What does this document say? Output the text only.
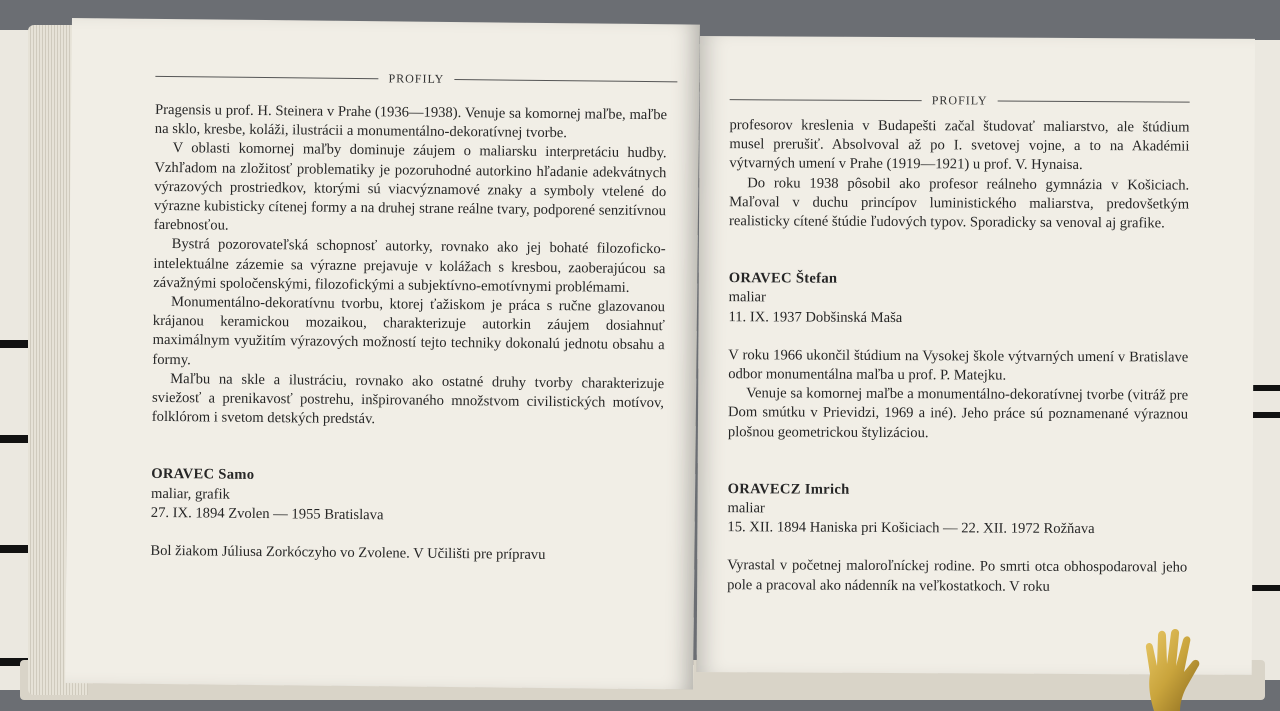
PROFILY

Pragensis u prof. H. Steinera v Prahe (1936—1938). Venuje sa komornej maľbe, maľbe na sklo, kresbe, koláži, ilustrácii a monumentálno-dekoratívnej tvorbe.

V oblasti komornej maľby dominuje záujem o maliarsku interpretáciu hudby. Vzhľadom na zložitosť problematiky je pozoruhodné autorkino hľadanie adekvátnych výrazových prostriedkov, ktorými sú viacvýznamové znaky a symboly vtelené do výrazne kubisticky cítenej formy a na druhej strane reálne tvary, podporené senzitívnou farebnosťou.

Bystrá pozorovateľská schopnosť autorky, rovnako ako jej bohaté filozoficko-intelektuálne zázemie sa výrazne prejavuje v kolážach s kresbou, zaoberajúcou sa závažnými spoločenskými, filozofickými a subjektívno-emotívnymi problémami.

Monumentálno-dekoratívnu tvorbu, ktorej ťažiskom je práca s ručne glazovanou krájanou keramickou mozaikou, charakterizuje autorkin záujem dosiahnuť maximálnym využitím výrazových možností tejto techniky dokonalú jednotu obsahu a formy.

Maľbu na skle a ilustráciu, rovnako ako ostatné druhy tvorby charakterizuje sviežosť a prenikavosť postrehu, inšpirovaného množstvom civilistických motívov, folklórom i svetom detských predstáv.

ORAVEC Samo
maliar, grafik
27. IX. 1894 Zvolen — 1955 Bratislava

Bol žiakom Júliusa Zorkóczyho vo Zvolene. V Učilišti pre prípravu

PROFILY

profesorov kreslenia v Budapešti začal študovať maliarstvo, ale štúdium musel prerušiť. Absolvoval až po I. svetovej vojne, a to na Akadémii výtvarných umení v Prahe (1919—1921) u prof. V. Hynaisa.

Do roku 1938 pôsobil ako profesor reálneho gymnázia v Košiciach. Maľoval v duchu princípov luministického maliarstva, predovšetkým realisticky cítené štúdie ľudových typov. Sporadicky sa venoval aj grafike.

ORAVEC Štefan
maliar
11. IX. 1937 Dobšinská Maša

V roku 1966 ukončil štúdium na Vysokej škole výtvarných umení v Bratislave odbor monumentálna maľba u prof. P. Matejku.

Venuje sa komornej maľbe a monumentálno-dekoratívnej tvorbe (vitráž pre Dom smútku v Prievidzi, 1969 a iné). Jeho práce sú poznamenané výraznou plošnou geometrickou štylizáciou.

ORAVECZ Imrich
maliar
15. XII. 1894 Haniska pri Košiciach — 22. XII. 1972 Rožňava

Vyrastal v početnej maloroľníckej rodine. Po smrti otca obhospodaroval jeho pole a pracoval ako nádenník na veľkostatkoch. V roku
